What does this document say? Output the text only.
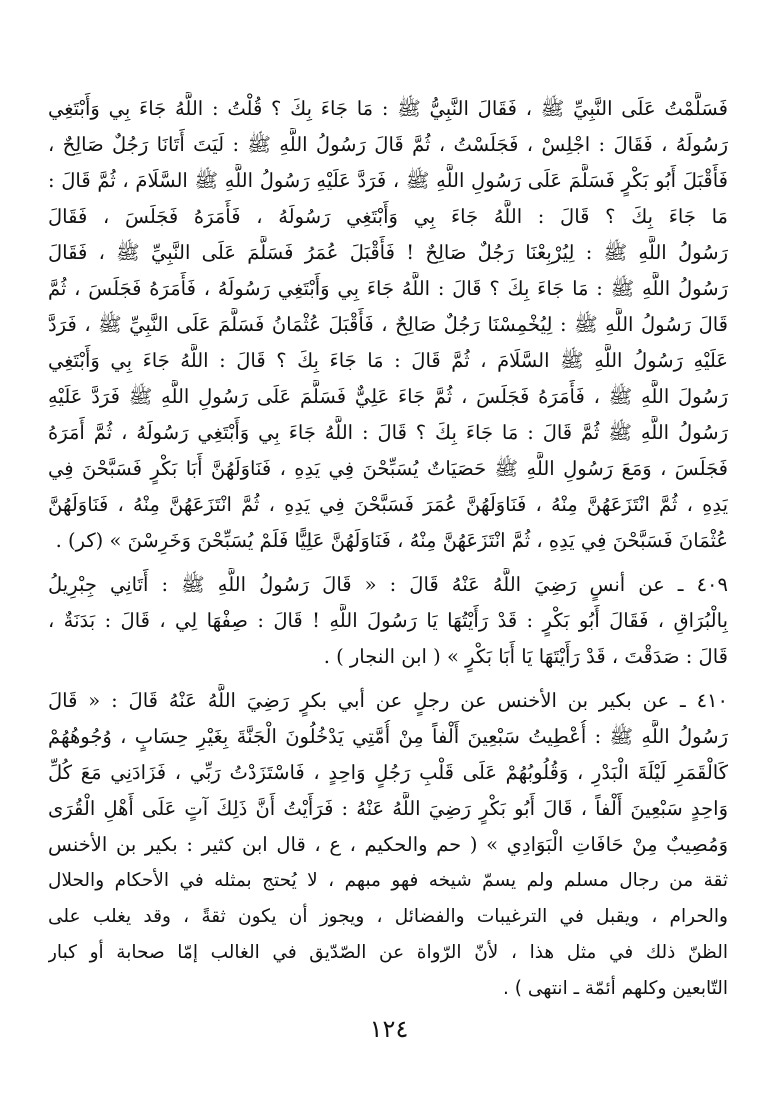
فَسَلَّمْتُ عَلَى النَّبِيِّ ﷺ ، فَقَالَ النَّبِيُّ ﷺ : مَا جَاءَ بِكَ ؟ قُلْتُ : اللَّهُ جَاءَ بِي وَأَبْتَغِي
رَسُولَهُ ، فَقَالَ : اجْلِسْ ، فَجَلَسْتُ ، ثُمَّ قَالَ رَسُولُ اللَّهِ ﷺ : لَيَتَ أَتَانَا رَجُلٌ صَالِحٌ ،
فَأَقْبَلَ أَبُو بَكْرٍ فَسَلَّمَ عَلَى رَسُولِ اللَّهِ ﷺ ، فَرَدَّ عَلَيْهِ رَسُولُ اللَّهِ ﷺ السَّلَامَ ، ثُمَّ قَالَ :
مَا جَاءَ بِكَ ؟ قَالَ : اللَّهُ جَاءَ بِي وَأَبْتَغِي رَسُولَهُ ، فَأَمَرَهُ فَجَلَسَ ، فَقَالَ
رَسُولُ اللَّهِ ﷺ : لِيُرْبِعْنَا رَجُلٌ صَالِحٌ ! فَأَقْبَلَ عُمَرُ فَسَلَّمَ عَلَى النَّبِيِّ ﷺ ، فَقَالَ
رَسُولُ اللَّهِ ﷺ : مَا جَاءَ بِكَ ؟ قَالَ : اللَّهُ جَاءَ بِي وَأَبْتَغِي رَسُولَهُ ، فَأَمَرَهُ فَجَلَسَ ، ثُمَّ
قَالَ رَسُولُ اللَّهِ ﷺ : لِيُخْمِسْنَا رَجُلٌ صَالِحٌ ، فَأَقْبَلَ عُثْمَانُ فَسَلَّمَ عَلَى النَّبِيِّ ﷺ ، فَرَدَّ
عَلَيْهِ رَسُولُ اللَّهِ ﷺ السَّلَامَ ، ثُمَّ قَالَ : مَا جَاءَ بِكَ ؟ قَالَ : اللَّهُ جَاءَ بِي وَأَبْتَغِي
رَسُولَ اللَّهِ ﷺ ، فَأَمَرَهُ فَجَلَسَ ، ثُمَّ جَاءَ عَلِيٌّ فَسَلَّمَ عَلَى رَسُولِ اللَّهِ ﷺ فَرَدَّ عَلَيْهِ
رَسُولُ اللَّهِ ﷺ ثُمَّ قَالَ : مَا جَاءَ بِكَ ؟ قَالَ : اللَّهُ جَاءَ بِي وَأَبْتَغِي رَسُولَهُ ، ثُمَّ أَمَرَهُ
فَجَلَسَ ، وَمَعَ رَسُولِ اللَّهِ ﷺ حَصَيَاتٌ يُسَبِّحْنَ فِي يَدِهِ ، فَنَاوَلَهُنَّ أَبَا بَكْرٍ فَسَبَّحْنَ فِي
يَدِهِ ، ثُمَّ انْتَزَعَهُنَّ مِنْهُ ، فَنَاوَلَهُنَّ عُمَرَ فَسَبَّحْنَ فِي يَدِهِ ، ثُمَّ انْتَزَعَهُنَّ مِنْهُ ، فَنَاوَلَهُنَّ
عُثْمَانَ فَسَبَّحْنَ فِي يَدِهِ ، ثُمَّ انْتَزَعَهُنَّ مِنْهُ ، فَنَاوَلَهُنَّ عَلِيًّا فَلَمْ يُسَبِّحْنَ وَخَرِسْنَ » (كر) .
٤٠٩ ـ عن أنسٍ رَضِيَ اللَّهُ عَنْهُ قَالَ : « قَالَ رَسُولُ اللَّهِ ﷺ : أَتَانِي جِبْرِيلُ
بِالْبُرَاقِ ، فَقَالَ أَبُو بَكْرٍ : قَدْ رَأَيْتُهَا يَا رَسُولَ اللَّهِ ! قَالَ : صِفْهَا لِي ، قَالَ : بَدَنَةٌ ،
قَالَ : صَدَقْتَ ، قَدْ رَأَيْتَهَا يَا أَبَا بَكْرٍ » ( ابن النجار ) .
٤١٠ ـ عن بكير بن الأخنس عن رجلٍ عن أبي بكرٍ رَضِيَ اللَّهُ عَنْهُ قَالَ : « قَالَ
رَسُولُ اللَّهِ ﷺ : أُعْطِيتُ سَبْعِينَ أَلْفاً مِنْ أُمَّتِي يَدْخُلُونَ الْجَنَّةَ بِغَيْرِ حِسَابٍ ، وُجُوهُهُمْ
كَالْقَمَرِ لَيْلَةَ الْبَدْرِ ، وَقُلُوبُهُمْ عَلَى قَلْبِ رَجُلٍ وَاحِدٍ ، فَاسْتَزَدْتُ رَبِّي ، فَزَادَنِي مَعَ كُلِّ
وَاحِدٍ سَبْعِينَ أَلْفاً ، قَالَ أَبُو بَكْرٍ رَضِيَ اللَّهُ عَنْهُ : فَرَأَيْتُ أَنَّ ذَلِكَ آتٍ عَلَى أَهْلِ الْقُرَى
وَمُصِيبٌ مِنْ حَافَاتِ الْبَوَادِي » ( حم والحكيم ، ع ، قال ابن كثير : بكير بن الأخنس
ثقة من رجال مسلم ولم يسمّ شيخه فهو مبهم ، لا يُحتج بمثله في الأحكام والحلال
والحرام ، ويقبل في الترغيبات والفضائل ، ويجوز أن يكون ثقةً ، وقد يغلب على
الظنّ ذلك في مثل هذا ، لأنّ الرّواة عن الصّدّيق في الغالب إمّا صحابة أو كبار
التّابعين وكلهم أئمّة ـ انتهى ) .
١٢٤
